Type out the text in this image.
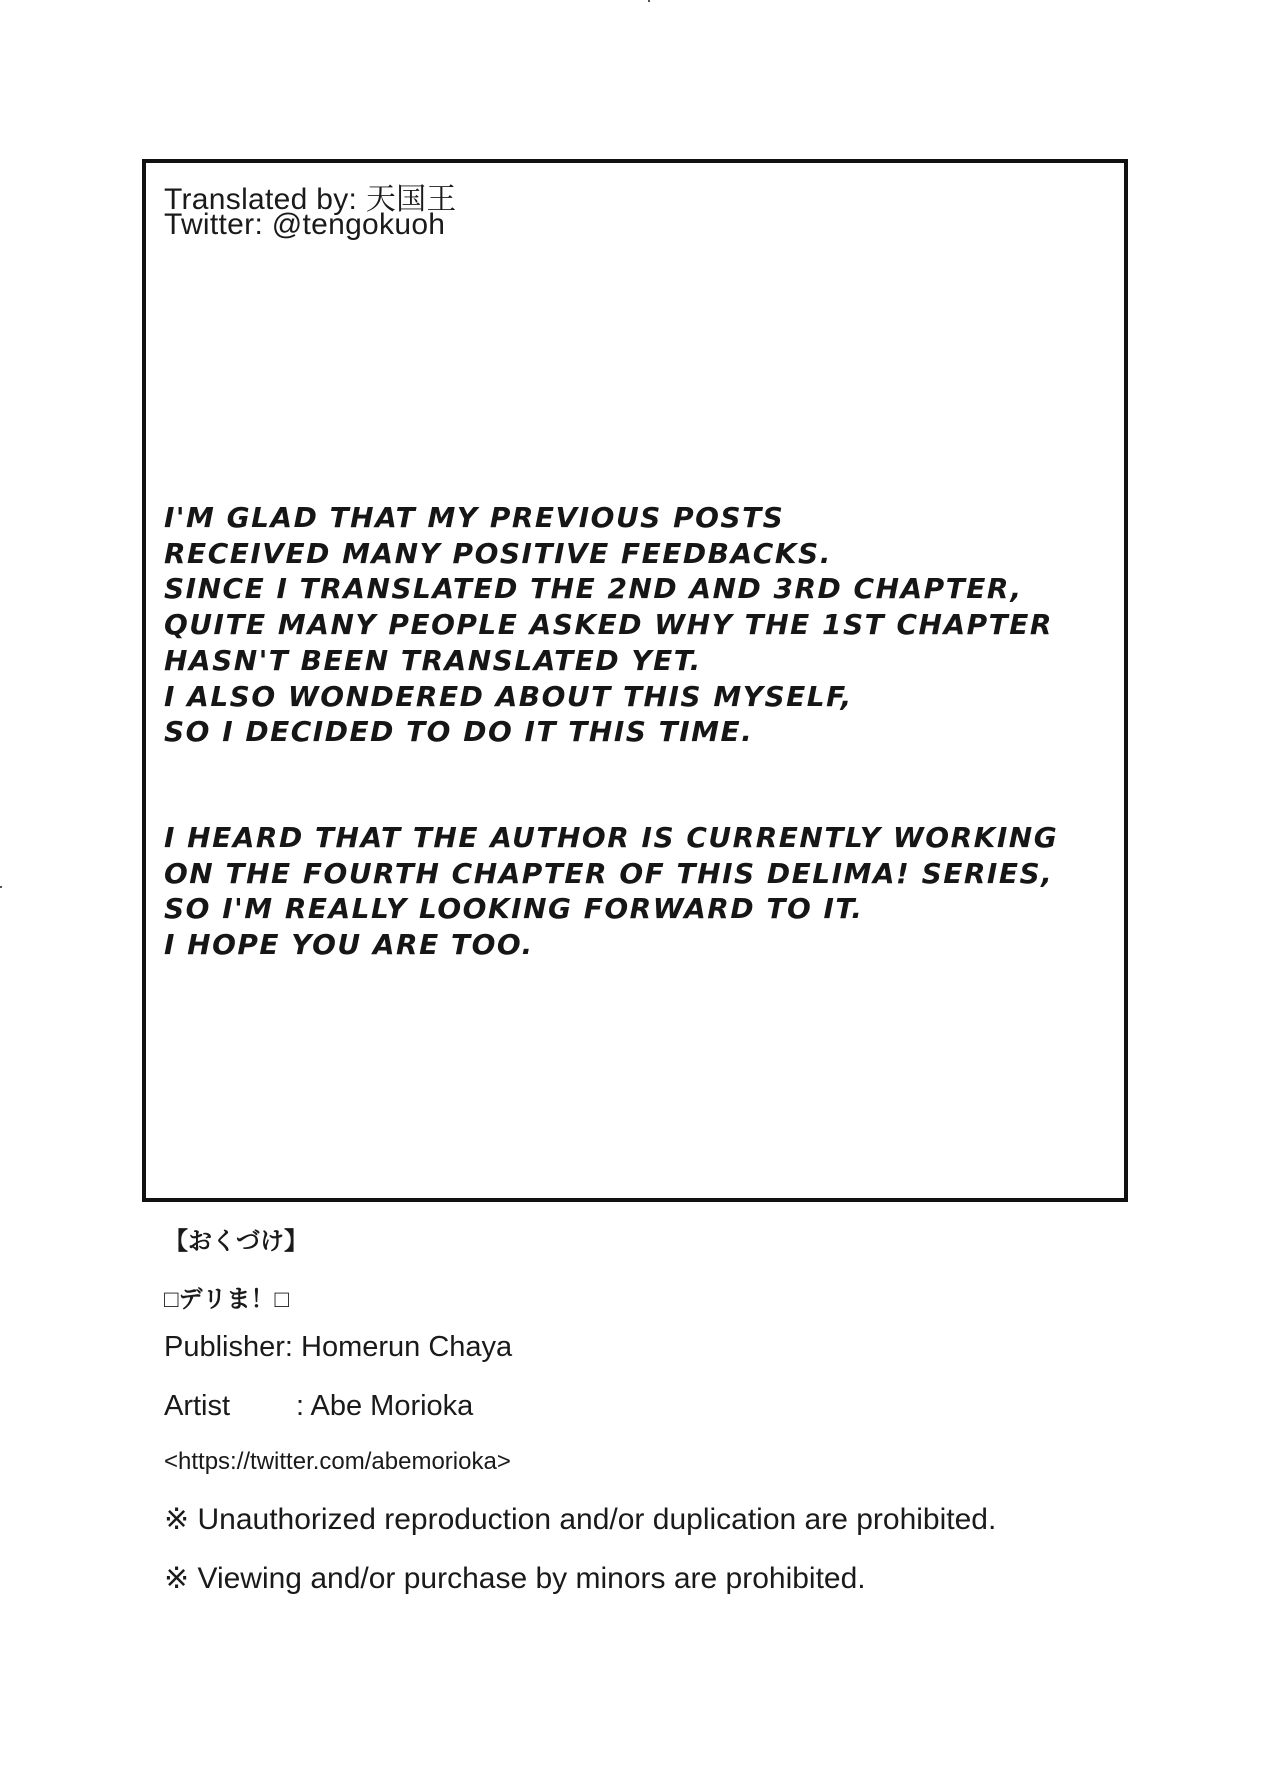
Translated by: 天国王
Twitter: @tengokuoh
I'M GLAD THAT MY PREVIOUS POSTS
RECEIVED MANY POSITIVE FEEDBACKS.
SINCE I TRANSLATED THE 2ND AND 3RD CHAPTER,
QUITE MANY PEOPLE ASKED WHY THE 1ST CHAPTER
HASN'T BEEN TRANSLATED YET.
I ALSO WONDERED ABOUT THIS MYSELF,
SO I DECIDED TO DO IT THIS TIME.
I HEARD THAT THE AUTHOR IS CURRENTLY WORKING
ON THE FOURTH CHAPTER OF THIS DELIMA! SERIES,
SO I'M REALLY LOOKING FORWARD TO IT.
I HOPE YOU ARE TOO.
【おくづけ】
□デリま！□
Publisher: Homerun Chaya
Artist : Abe Morioka
<https://twitter.com/abemorioka>
※ Unauthorized reproduction and/or duplication are prohibited.
※ Viewing and/or purchase by minors are prohibited.
